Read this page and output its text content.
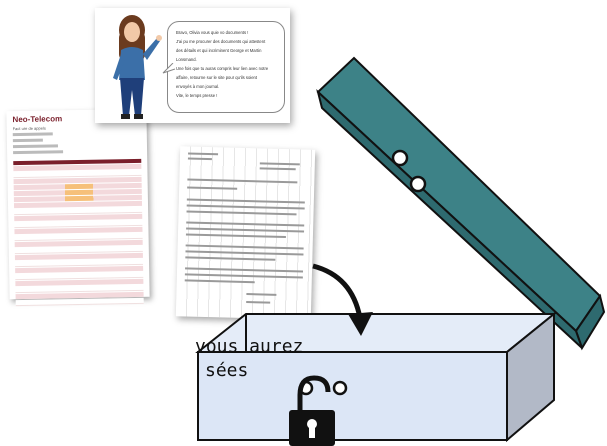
Neo-Telecom
Fact ure de appels
Bravo, Olivia vous quie vo documents !
J'ai pu me procurer des documents qui attestent
des détails et qui incriminent George et Martin
Lonsmand.
Une fois que tu auras compris leur lien avec notre
affaire, retourne sur le site pour qu'ils soient
envoyés à mon journal.
Vite, le temps presse !
vous aurez
sées
